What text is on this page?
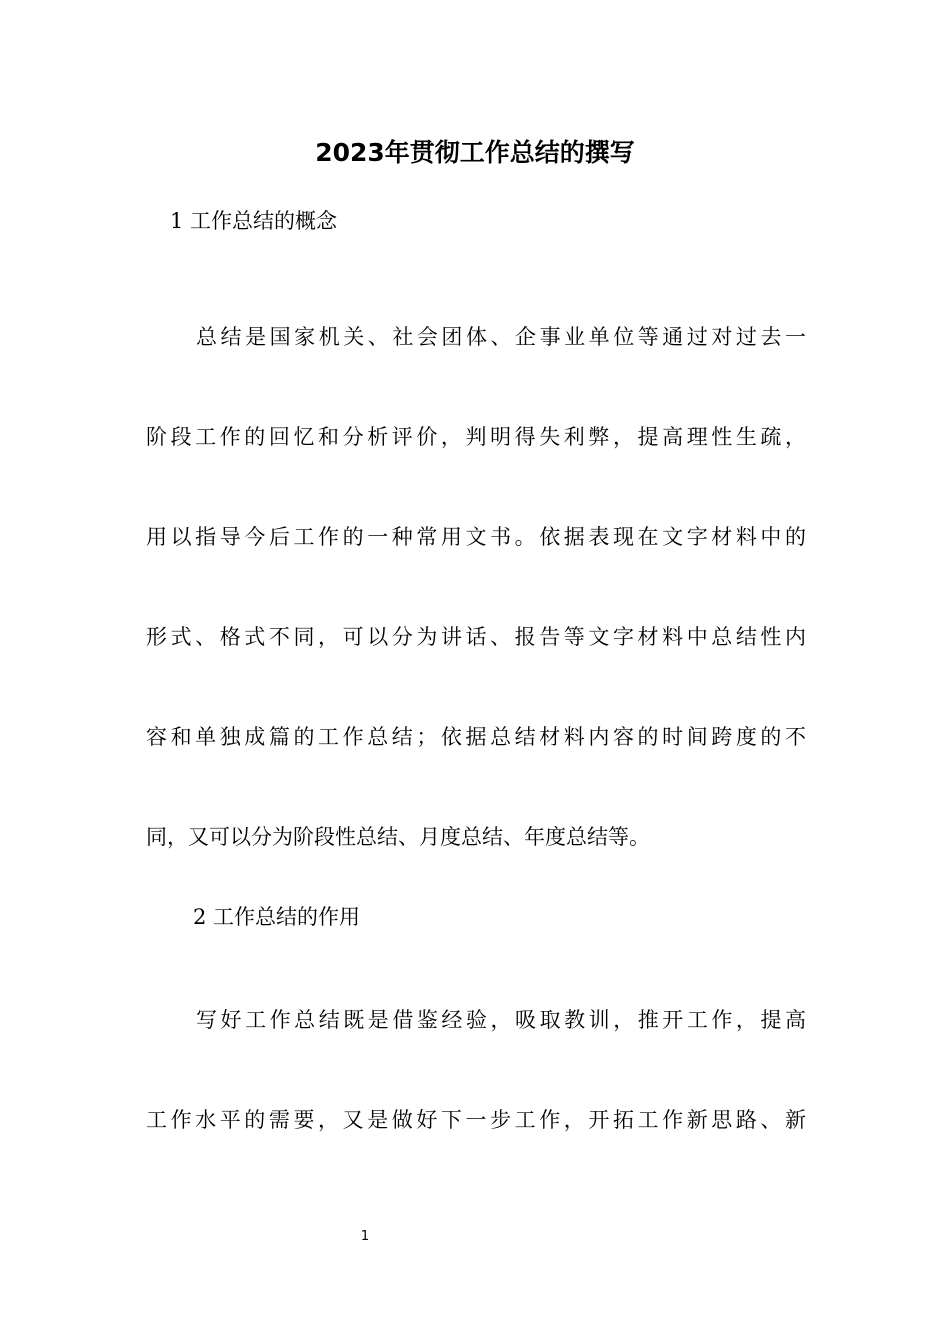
2023年贯彻工作总结的撰写

1 工作总结的概念

总结是国家机关、社会团体、企事业单位等通过对过去一
阶段工作的回忆和分析评价，判明得失利弊，提高理性生疏，
用以指导今后工作的一种常用文书。依据表现在文字材料中的
形式、格式不同，可以分为讲话、报告等文字材料中总结性内
容和单独成篇的工作总结；依据总结材料内容的时间跨度的不
同，又可以分为阶段性总结、月度总结、年度总结等。

2 工作总结的作用

写好工作总结既是借鉴经验，吸取教训，推开工作，提高
工作水平的需要，又是做好下一步工作，开拓工作新思路、新
1
